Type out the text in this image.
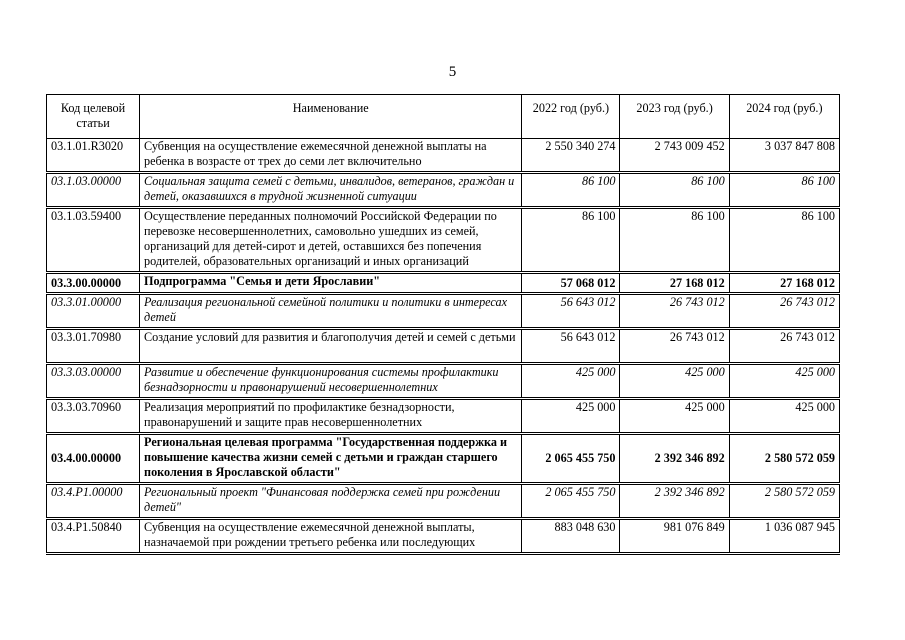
5
Код целевой статьи	Наименование	2022 год (руб.)	2023 год (руб.)	2024 год (руб.)
03.1.01.R3020	Субвенция на осуществление ежемесячной денежной выплаты на ребенка в возрасте от трех до семи лет включительно	2 550 340 274	2 743 009 452	3 037 847 808
03.1.03.00000	Социальная защита семей с детьми, инвалидов, ветеранов, граждан и детей, оказавшихся в трудной жизненной ситуации	86 100	86 100	86 100
03.1.03.59400	Осуществление переданных полномочий Российской Федерации по перевозке несовершеннолетних, самовольно ушедших из семей, организаций для детей-сирот и детей, оставшихся без попечения родителей, образовательных организаций и иных организаций	86 100	86 100	86 100
03.3.00.00000	Подпрограмма "Семья и дети Ярославии"	57 068 012	27 168 012	27 168 012
03.3.01.00000	Реализация региональной семейной политики и политики в интересах детей	56 643 012	26 743 012	26 743 012
03.3.01.70980	Создание условий для развития и благополучия детей и семей с детьми	56 643 012	26 743 012	26 743 012
03.3.03.00000	Развитие и обеспечение функционирования системы профилактики безнадзорности и правонарушений несовершеннолетних	425 000	425 000	425 000
03.3.03.70960	Реализация мероприятий по профилактике безнадзорности, правонарушений и защите прав несовершеннолетних	425 000	425 000	425 000
03.4.00.00000	Региональная целевая программа "Государственная поддержка и повышение качества жизни семей с детьми и граждан старшего поколения в Ярославской области"	2 065 455 750	2 392 346 892	2 580 572 059
03.4.P1.00000	Региональный проект "Финансовая поддержка семей при рождении детей"	2 065 455 750	2 392 346 892	2 580 572 059
03.4.P1.50840	Субвенция на осуществление ежемесячной денежной выплаты, назначаемой при рождении третьего ребенка или последующих	883 048 630	981 076 849	1 036 087 945
